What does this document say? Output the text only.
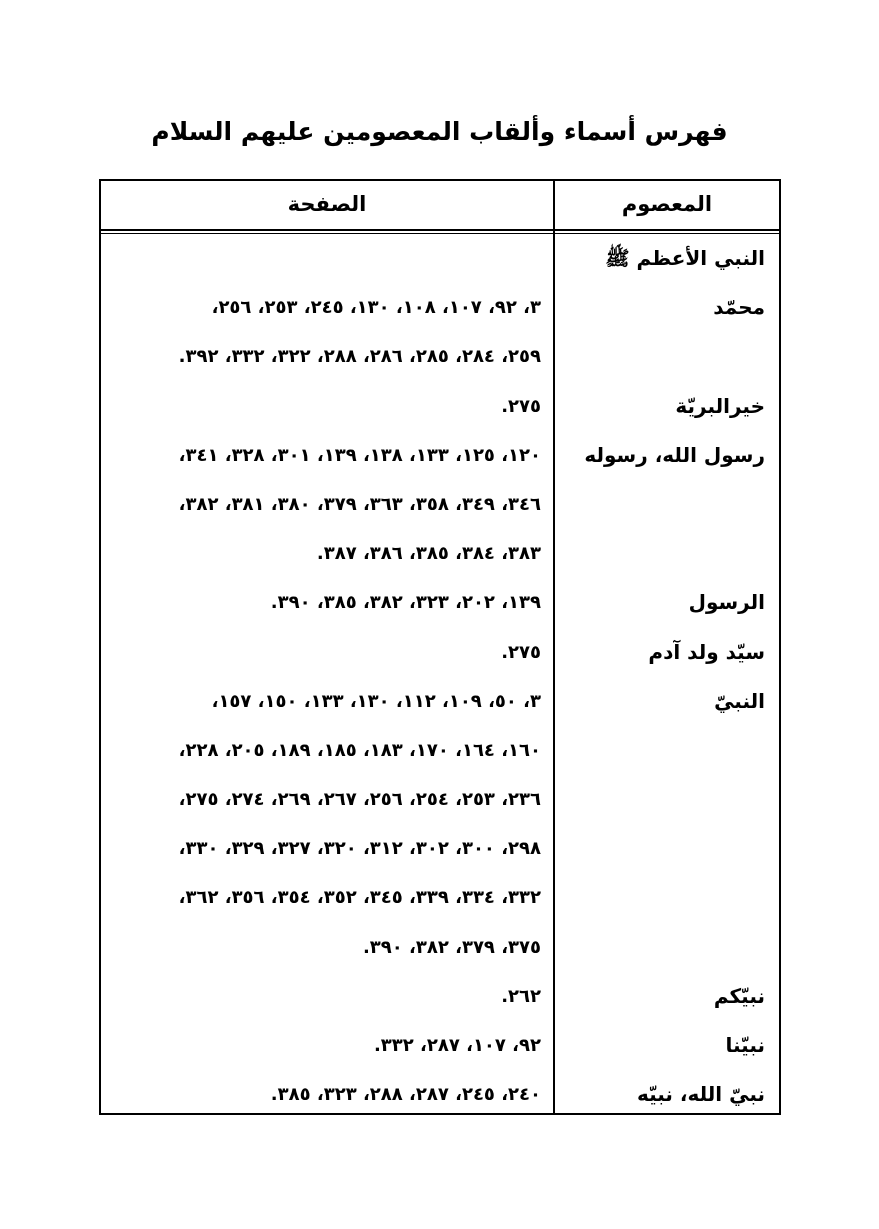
فهرس أسماء وألقاب المعصومين عليهم السلام
المعصوم
الصفحة
النبي الأعظم ﷺ
محمّد
٣، ٩٢، ١٠٧، ١٠٨، ١٣٠، ٢٤٥، ٢٥٣، ٢٥٦،
٢٥٩، ٢٨٤، ٢٨٥، ٢٨٦، ٢٨٨، ٣٢٢، ٣٣٢، ٣٩٢.
خيرالبريّة
٢٧٥.
رسول الله، رسوله
١٢٠، ١٢٥، ١٣٣، ١٣٨، ١٣٩، ٣٠١، ٣٢٨، ٣٤١،
٣٤٦، ٣٤٩، ٣٥٨، ٣٦٣، ٣٧٩، ٣٨٠، ٣٨١، ٣٨٢،
٣٨٣، ٣٨٤، ٣٨٥، ٣٨٦، ٣٨٧.
الرسول
١٣٩، ٢٠٢، ٣٢٣، ٣٨٢، ٣٨٥، ٣٩٠.
سيّد ولد آدم
٢٧٥.
النبيّ
٣، ٥٠، ١٠٩، ١١٢، ١٣٠، ١٣٣، ١٥٠، ١٥٧،
١٦٠، ١٦٤، ١٧٠، ١٨٣، ١٨٥، ١٨٩، ٢٠٥، ٢٢٨،
٢٣٦، ٢٥٣، ٢٥٤، ٢٥٦، ٢٦٧، ٢٦٩، ٢٧٤، ٢٧٥،
٢٩٨، ٣٠٠، ٣٠٢، ٣١٢، ٣٢٠، ٣٢٧، ٣٢٩، ٣٣٠،
٣٣٢، ٣٣٤، ٣٣٩، ٣٤٥، ٣٥٢، ٣٥٤، ٣٥٦، ٣٦٢،
٣٧٥، ٣٧٩، ٣٨٢، ٣٩٠.
نبيّكم
٢٦٢.
نبيّنا
٩٢، ١٠٧، ٢٨٧، ٣٣٢.
نبيّ الله، نبيّه
٢٤٠، ٢٤٥، ٢٨٧، ٢٨٨، ٣٢٣، ٣٨٥.
